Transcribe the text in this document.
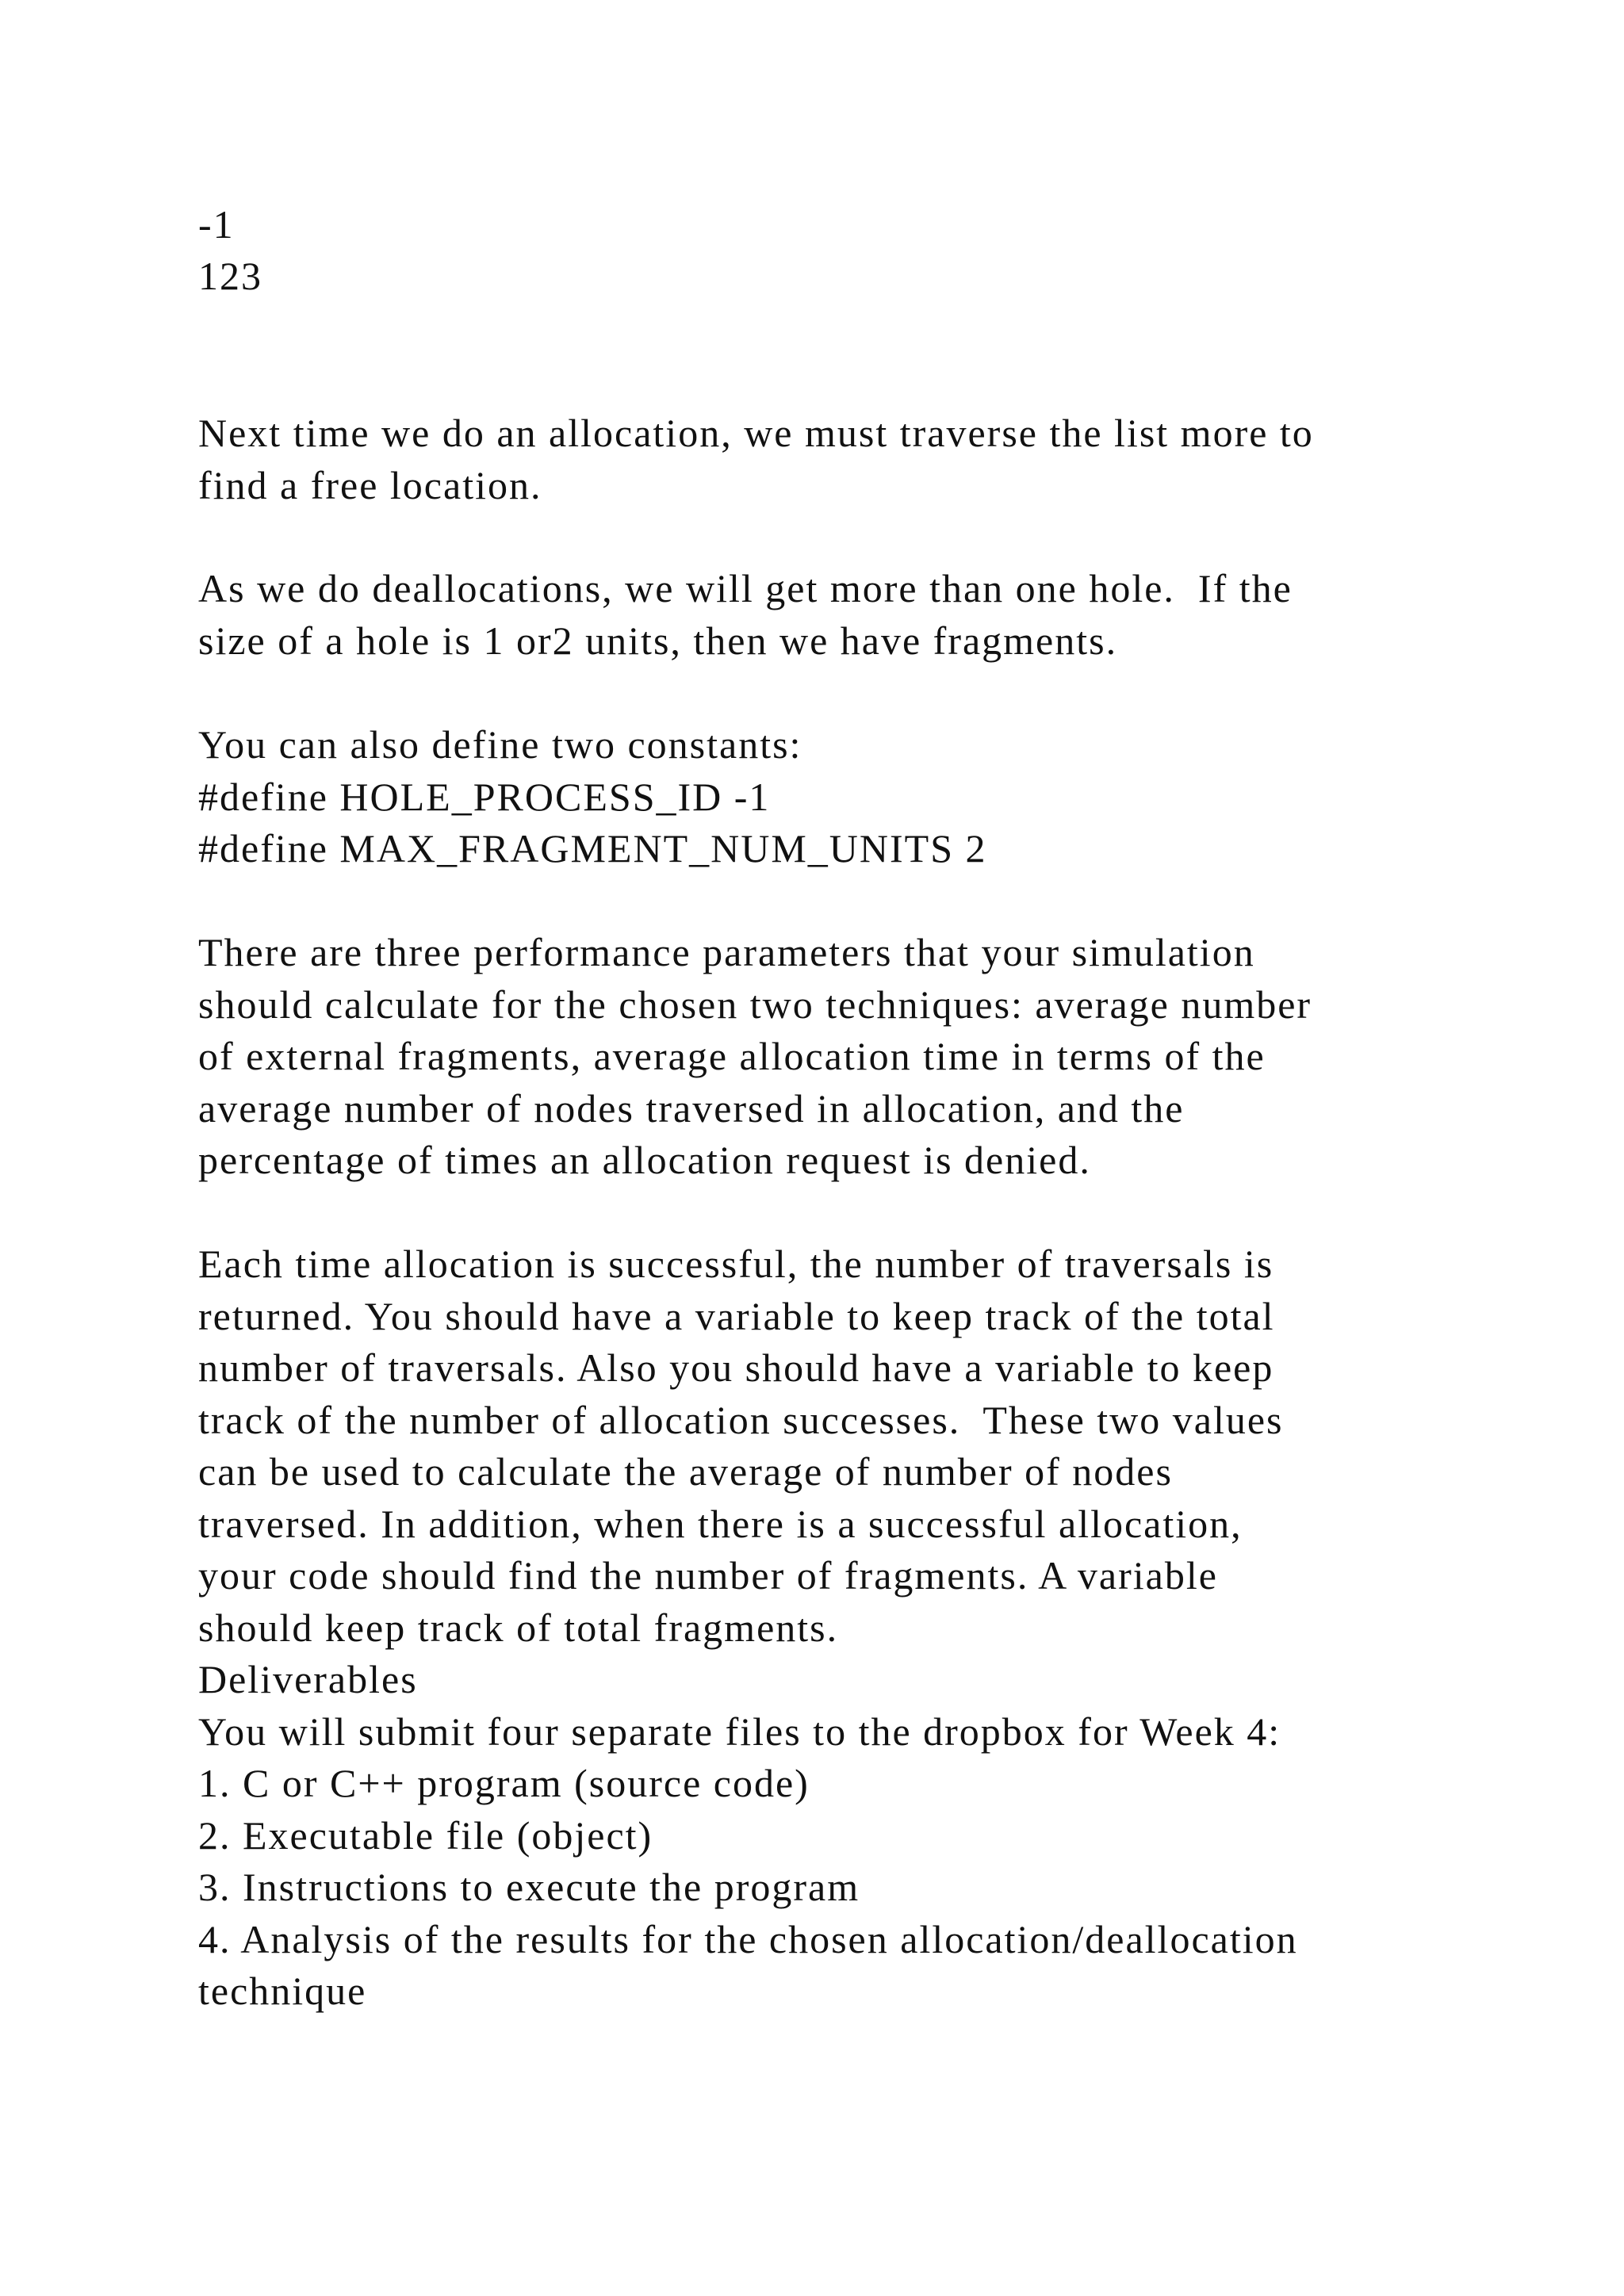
-1
123
Next time we do an allocation, we must traverse the list more to
find a free location.
As we do deallocations, we will get more than one hole.  If the
size of a hole is 1 or2 units, then we have fragments.
You can also define two constants:
#define HOLE_PROCESS_ID -1
#define MAX_FRAGMENT_NUM_UNITS 2
There are three performance parameters that your simulation
should calculate for the chosen two techniques: average number
of external fragments, average allocation time in terms of the
average number of nodes traversed in allocation, and the
percentage of times an allocation request is denied.
Each time allocation is successful, the number of traversals is
returned. You should have a variable to keep track of the total
number of traversals. Also you should have a variable to keep
track of the number of allocation successes.  These two values
can be used to calculate the average of number of nodes
traversed. In addition, when there is a successful allocation,
your code should find the number of fragments. A variable
should keep track of total fragments.
Deliverables
You will submit four separate files to the dropbox for Week 4:
1. C or C++ program (source code)
2. Executable file (object)
3. Instructions to execute the program
4. Analysis of the results for the chosen allocation/deallocation
technique
